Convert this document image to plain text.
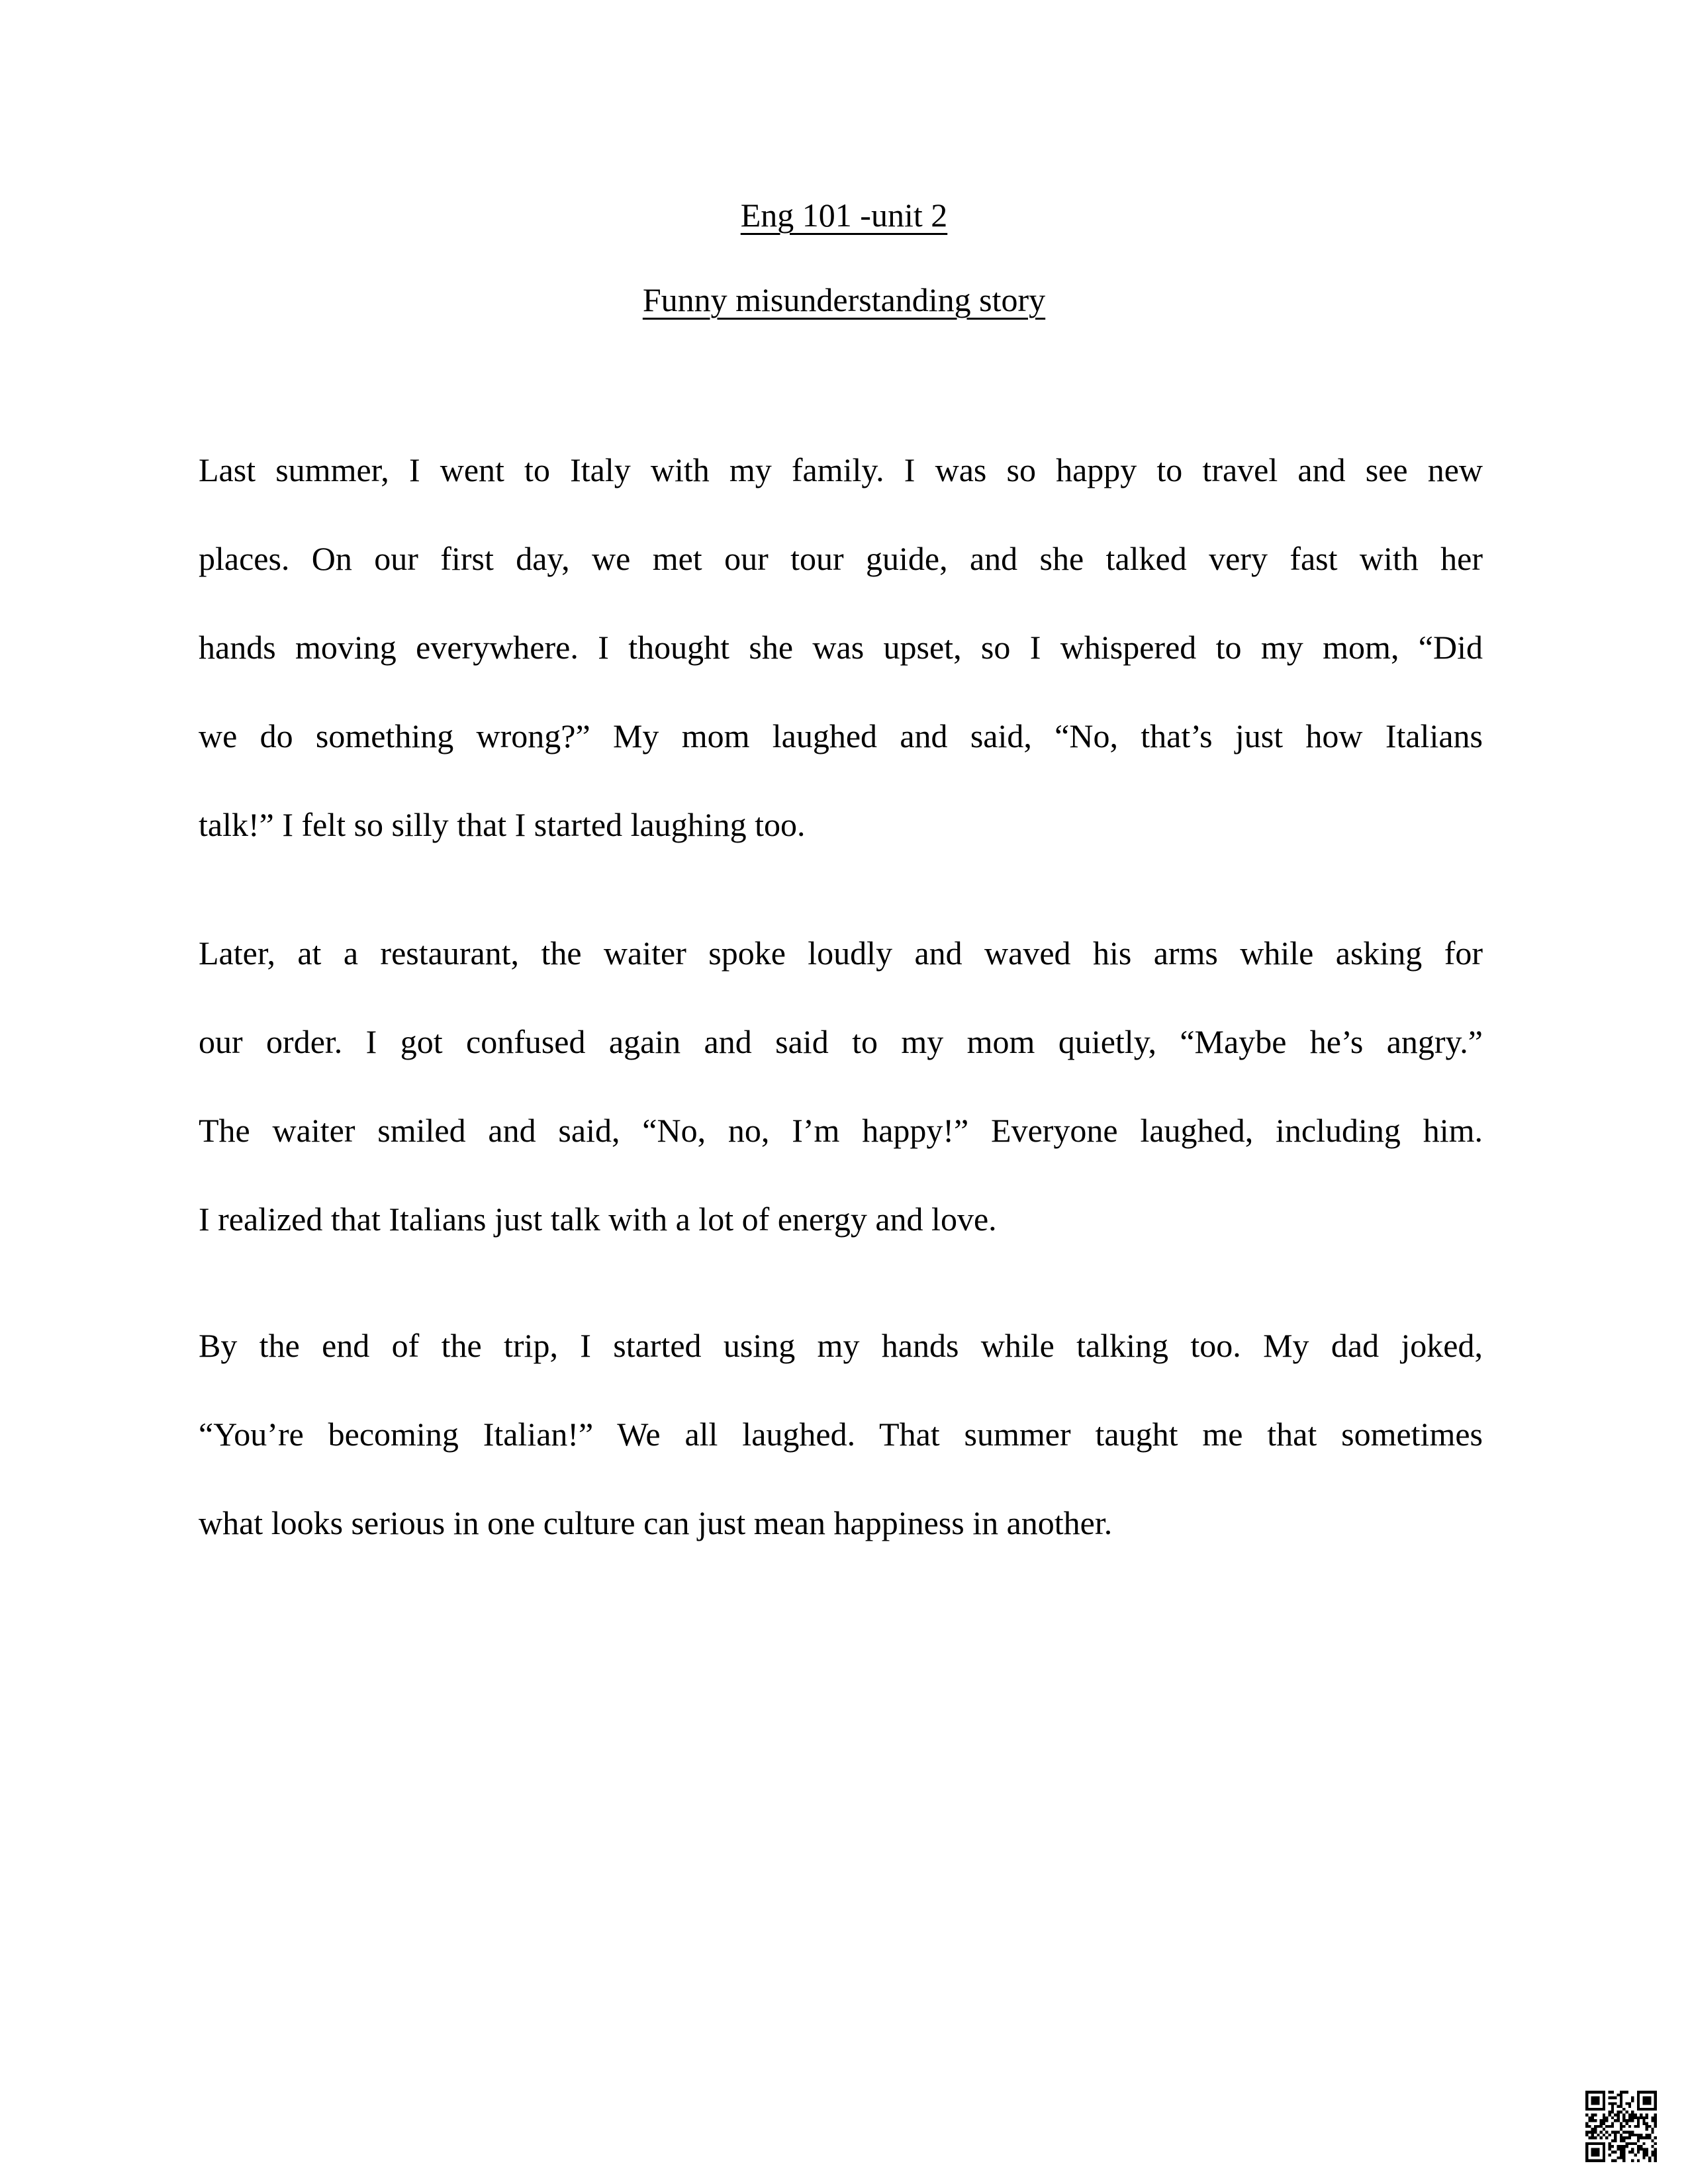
Eng 101 -unit 2
Funny misunderstanding story
Last summer, I went to Italy with my family. I was so happy to travel and see new
places. On our first day, we met our tour guide, and she talked very fast with her
hands moving everywhere. I thought she was upset, so I whispered to my mom, “Did
we do something wrong?” My mom laughed and said, “No, that’s just how Italians
talk!” I felt so silly that I started laughing too.
Later, at a restaurant, the waiter spoke loudly and waved his arms while asking for
our order. I got confused again and said to my mom quietly, “Maybe he’s angry.”
The waiter smiled and said, “No, no, I’m happy!” Everyone laughed, including him.
I realized that Italians just talk with a lot of energy and love.
By the end of the trip, I started using my hands while talking too. My dad joked,
“You’re becoming Italian!” We all laughed. That summer taught me that sometimes
what looks serious in one culture can just mean happiness in another.
